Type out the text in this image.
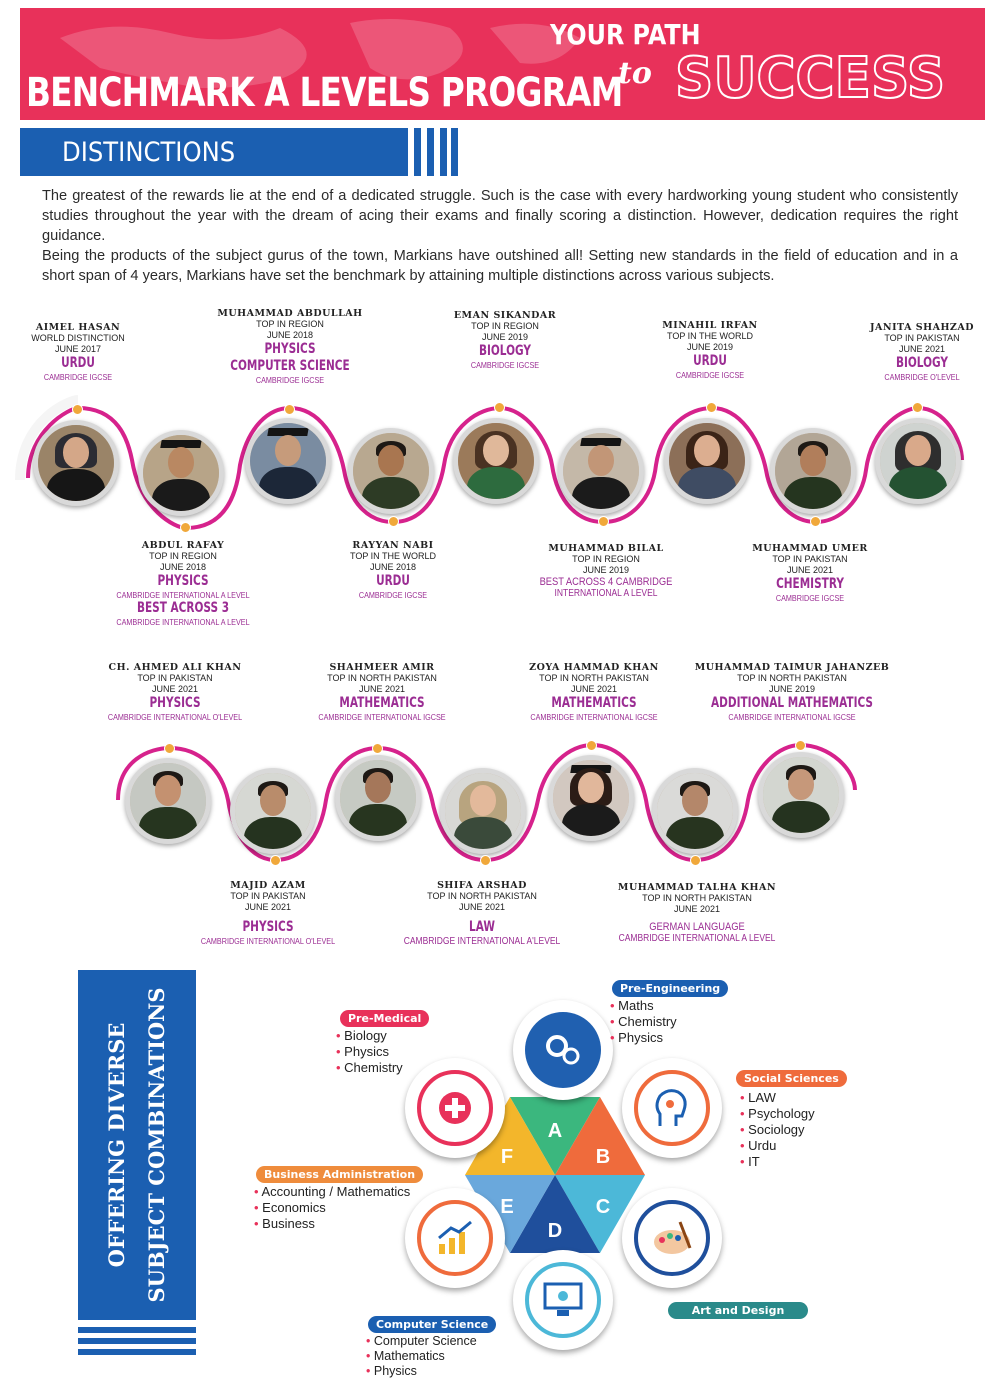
BENCHMARK A LEVELS PROGRAM
YOUR PATH
to SUCCESS
DISTINCTIONS

The greatest of the rewards lie at the end of a dedicated struggle. Such is the case with every hardworking young student who consistently studies throughout the year with the dream of acing their exams and finally scoring a distinction. However, dedication requires the right guidance.

Being the products of the subject gurus of the town, Markians have outshined all! Setting new standards in the field of education and in a short span of 4 years, Markians have set the benchmark by attaining multiple distinctions across various subjects.

AIMEL HASAN
WORLD DISTINCTION
JUNE 2017
URDU
CAMBRIDGE IGCSE
MUHAMMAD ABDULLAH
TOP IN REGION
JUNE 2018
PHYSICS
COMPUTER SCIENCE
CAMBRIDGE IGCSE
EMAN SIKANDAR
TOP IN REGION
JUNE 2019
BIOLOGY
CAMBRIDGE IGCSE
MINAHIL IRFAN
TOP IN THE WORLD
JUNE 2019
URDU
CAMBRIDGE IGCSE
JANITA SHAHZAD
TOP IN PAKISTAN
JUNE 2021
BIOLOGY
CAMBRIDGE O'LEVEL
ABDUL RAFAY
TOP IN REGION
JUNE 2018
PHYSICS
CAMBRIDGE INTERNATIONAL A LEVEL
BEST ACROSS 3
CAMBRIDGE INTERNATIONAL A LEVEL
RAYYAN NABI
TOP IN THE WORLD
JUNE 2018
URDU
CAMBRIDGE IGCSE
MUHAMMAD BILAL
TOP IN REGION
JUNE 2019
BEST ACROSS 4 CAMBRIDGE
INTERNATIONAL A LEVEL
MUHAMMAD UMER
TOP IN PAKISTAN
JUNE 2021
CHEMISTRY
CAMBRIDGE IGCSE
CH. AHMED ALI KHAN
TOP IN PAKISTAN
JUNE 2021
PHYSICS
CAMBRIDGE INTERNATIONAL O'LEVEL
SHAHMEER AMIR
TOP IN NORTH PAKISTAN
JUNE 2021
MATHEMATICS
CAMBRIDGE INTERNATIONAL IGCSE
ZOYA HAMMAD KHAN
TOP IN NORTH PAKISTAN
JUNE 2021
MATHEMATICS
CAMBRIDGE INTERNATIONAL IGCSE
MUHAMMAD TAIMUR JAHANZEB
TOP IN NORTH PAKISTAN
JUNE 2019
ADDITIONAL MATHEMATICS
CAMBRIDGE INTERNATIONAL IGCSE
MAJID AZAM
TOP IN PAKISTAN
JUNE 2021
PHYSICS
CAMBRIDGE INTERNATIONAL O'LEVEL
SHIFA ARSHAD
TOP IN NORTH PAKISTAN
JUNE 2021
LAW
CAMBRIDGE INTERNATIONAL A'LEVEL
MUHAMMAD TALHA KHAN
TOP IN NORTH PAKISTAN
JUNE 2021
GERMAN LANGUAGE
CAMBRIDGE INTERNATIONAL A LEVEL
OFFERING DIVERSE SUBJECT COMBINATIONS	A
B
C
D
E
F
Pre-Medical
• Biology
• Physics
• Chemistry
Pre-Engineering
• Maths
• Chemistry
• Physics
Social Sciences
• LAW
• Psychology
• Sociology
• Urdu
• IT
Business Administration
• Accounting / Mathematics
• Economics
• Business
Art and Design
Computer Science
• Computer Science
• Mathematics
• Physics
